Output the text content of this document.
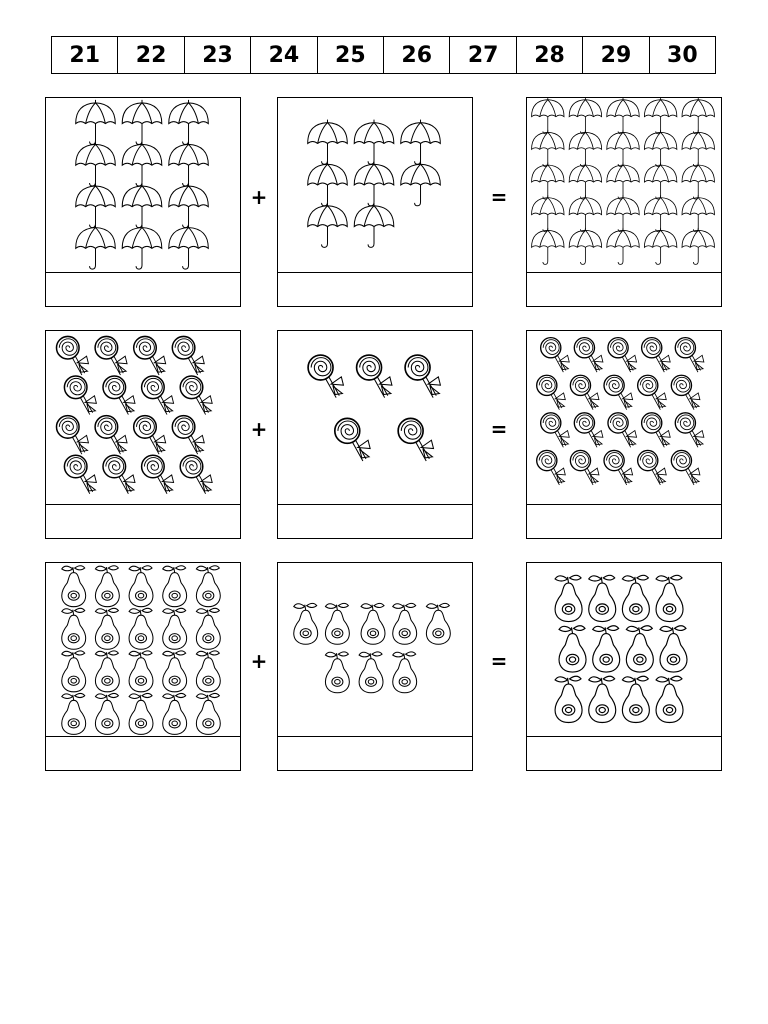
21	22	23	24	25	26	27	28	29	30
+	=
+	=
+	=
